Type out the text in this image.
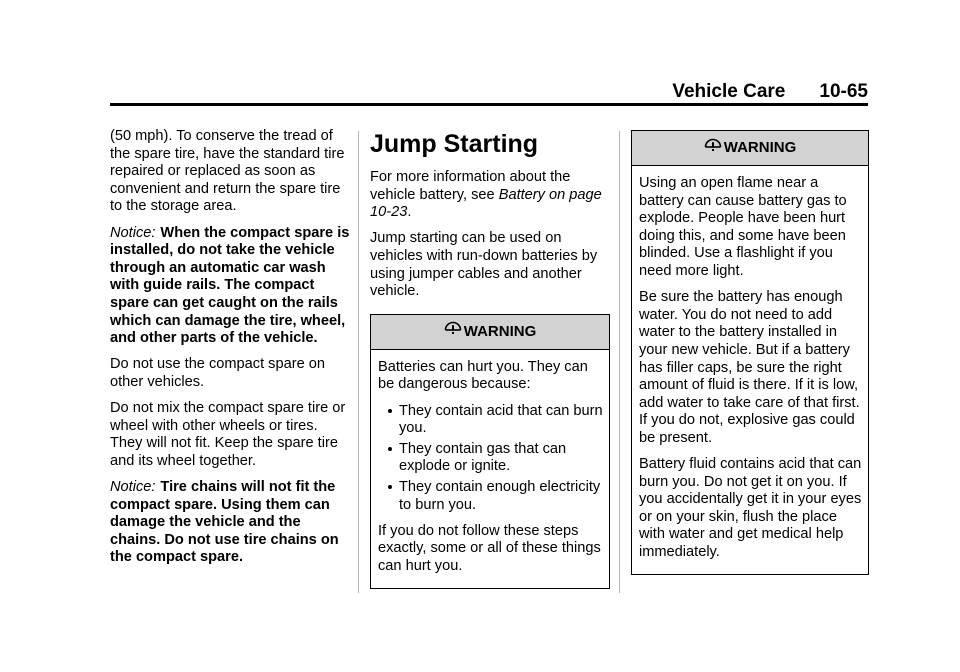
Vehicle Care 10-65

(50 mph). To conserve the tread of the spare tire, have the standard tire repaired or replaced as soon as convenient and return the spare tire to the storage area.

Notice: When the compact spare is installed, do not take the vehicle through an automatic car wash with guide rails. The compact spare can get caught on the rails which can damage the tire, wheel, and other parts of the vehicle.

Do not use the compact spare on other vehicles.

Do not mix the compact spare tire or wheel with other wheels or tires. They will not fit. Keep the spare tire and its wheel together.

Notice: Tire chains will not fit the compact spare. Using them can damage the vehicle and the chains. Do not use tire chains on the compact spare.

Jump Starting

For more information about the vehicle battery, see Battery on page 10-23.

Jump starting can be used on vehicles with run-down batteries by using jumper cables and another vehicle.

WARNING

Batteries can hurt you. They can be dangerous because:

They contain acid that can burn you.
They contain gas that can explode or ignite.
They contain enough electricity to burn you.

If you do not follow these steps exactly, some or all of these things can hurt you.

WARNING

Using an open flame near a battery can cause battery gas to explode. People have been hurt doing this, and some have been blinded. Use a flashlight if you need more light.

Be sure the battery has enough water. You do not need to add water to the battery installed in your new vehicle. But if a battery has filler caps, be sure the right amount of fluid is there. If it is low, add water to take care of that first. If you do not, explosive gas could be present.

Battery fluid contains acid that can burn you. Do not get it on you. If you accidentally get it in your eyes or on your skin, flush the place with water and get medical help immediately.
